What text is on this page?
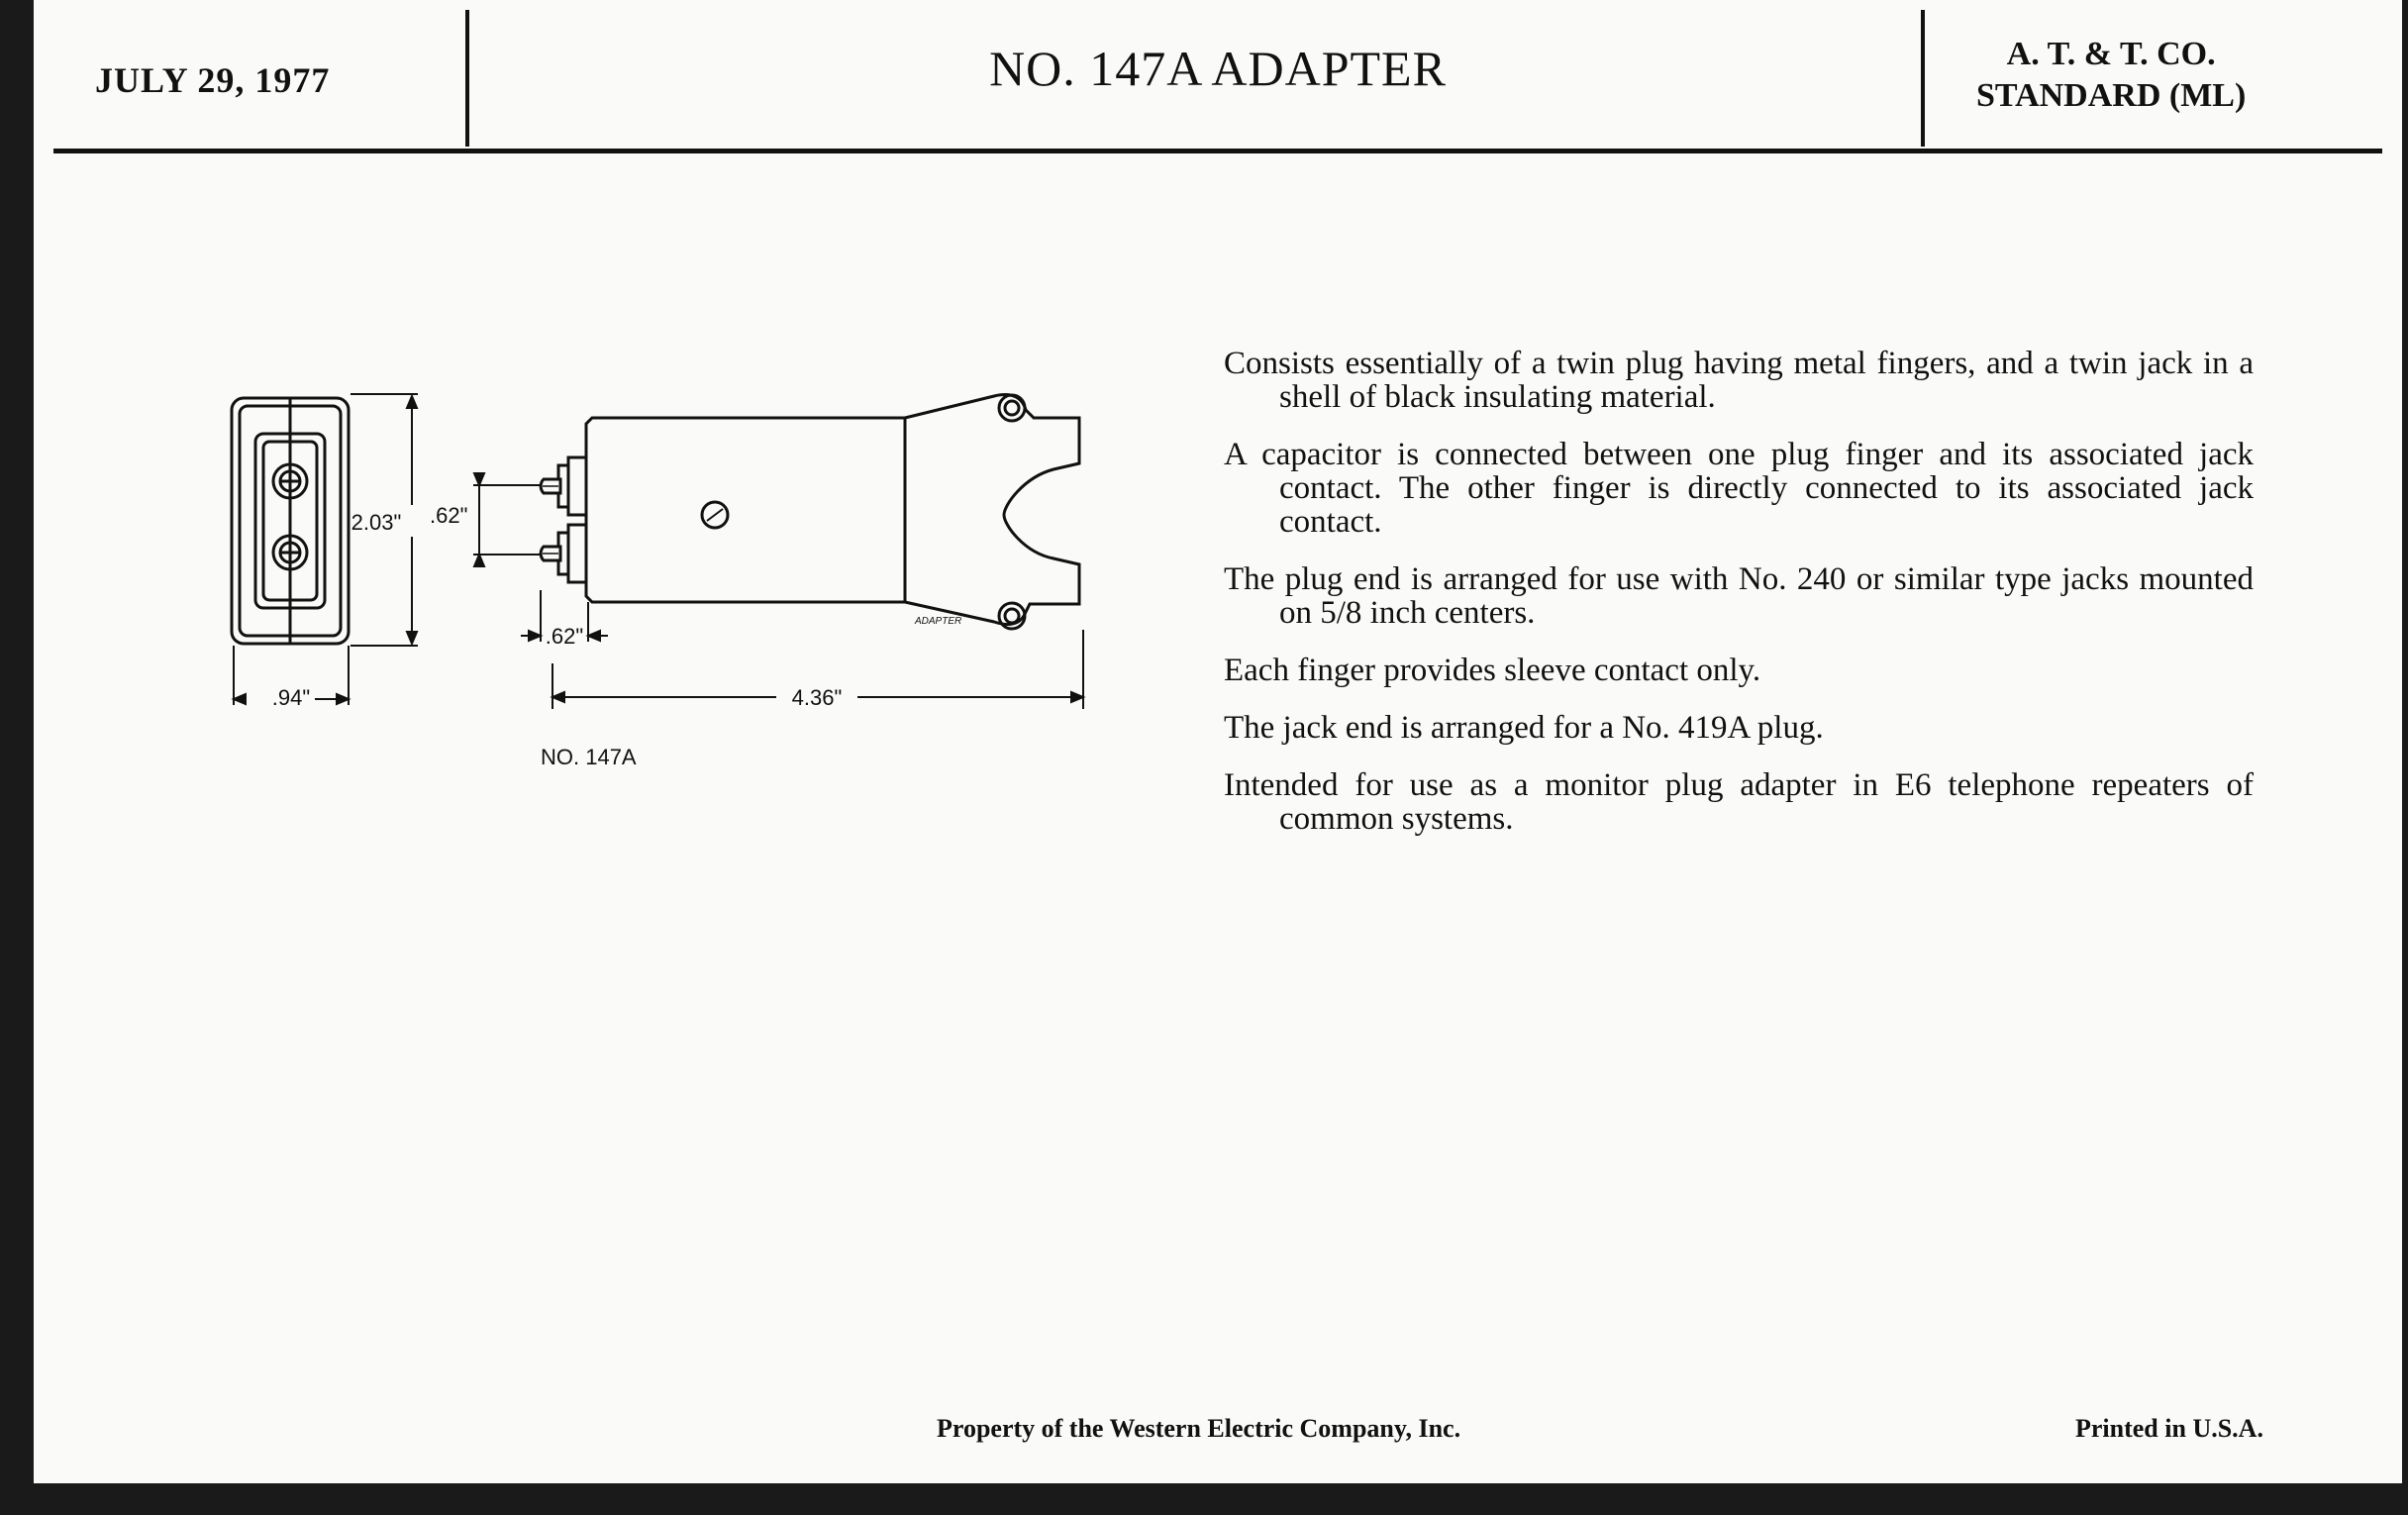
JULY 29, 1977	NO. 147A ADAPTER	A. T. & T. CO.
STANDARD (ML)
2.03"
.94"
.62"
.62"
4.36"
ADAPTER
NO. 147A

Consists essentially of a twin plug having metal fingers, and a twin jack in a shell of black insulating material.

A capacitor is connected between one plug finger and its associated jack contact. The other finger is directly connected to its associated jack contact.

The plug end is arranged for use with No. 240 or similar type jacks mounted on 5/8 inch centers.

Each finger provides sleeve contact only.

The jack end is arranged for a No. 419A plug.

Intended for use as a monitor plug adapter in E6 telephone repeaters of common systems.

Property of the Western Electric Company, Inc.	Printed in U.S.A.
